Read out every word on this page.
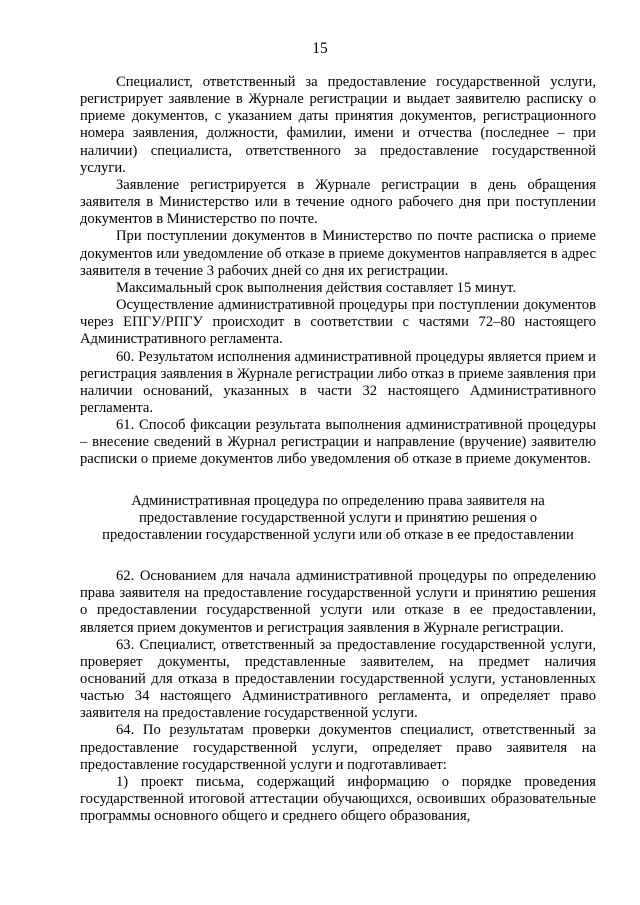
15

Специалист, ответственный за предоставление государственной услуги, регистрирует заявление в Журнале регистрации и выдает заявителю расписку о приеме документов, с указанием даты принятия документов, регистрационного номера заявления, должности, фамилии, имени и отчества (последнее – при наличии) специалиста, ответственного за предоставление государственной услуги.

Заявление регистрируется в Журнале регистрации в день обращения заявителя в Министерство или в течение одного рабочего дня при поступлении документов в Министерство по почте.

При поступлении документов в Министерство по почте расписка о приеме документов или уведомление об отказе в приеме документов направляется в адрес заявителя в течение 3 рабочих дней со дня их регистрации.

Максимальный срок выполнения действия составляет 15 минут.

Осуществление административной процедуры при поступлении документов через ЕПГУ/РПГУ происходит в соответствии с частями 72–80 настоящего Административного регламента.

60. Результатом исполнения административной процедуры является прием и регистрация заявления в Журнале регистрации либо отказ в приеме заявления при наличии оснований, указанных в части 32 настоящего Административного регламента.

61. Способ фиксации результата выполнения административной процедуры – внесение сведений в Журнал регистрации и направление (вручение) заявителю расписки о приеме документов либо уведомления об отказе в приеме документов.

Административная процедура по определению права заявителя на
предоставление государственной услуги и принятию решения о
предоставлении государственной услуги или об отказе в ее предоставлении

62. Основанием для начала административной процедуры по определению права заявителя на предоставление государственной услуги и принятию решения о предоставлении государственной услуги или отказе в ее предоставлении, является прием документов и регистрация заявления в Журнале регистрации.

63. Специалист, ответственный за предоставление государственной услуги, проверяет документы, представленные заявителем, на предмет наличия оснований для отказа в предоставлении государственной услуги, установленных частью 34 настоящего Административного регламента, и определяет право заявителя на предоставление государственной услуги.

64. По результатам проверки документов специалист, ответственный за предоставление государственной услуги, определяет право заявителя на предоставление государственной услуги и подготавливает:

1) проект письма, содержащий информацию о порядке проведения государственной итоговой аттестации обучающихся, освоивших образовательные программы основного общего и среднего общего образования,
